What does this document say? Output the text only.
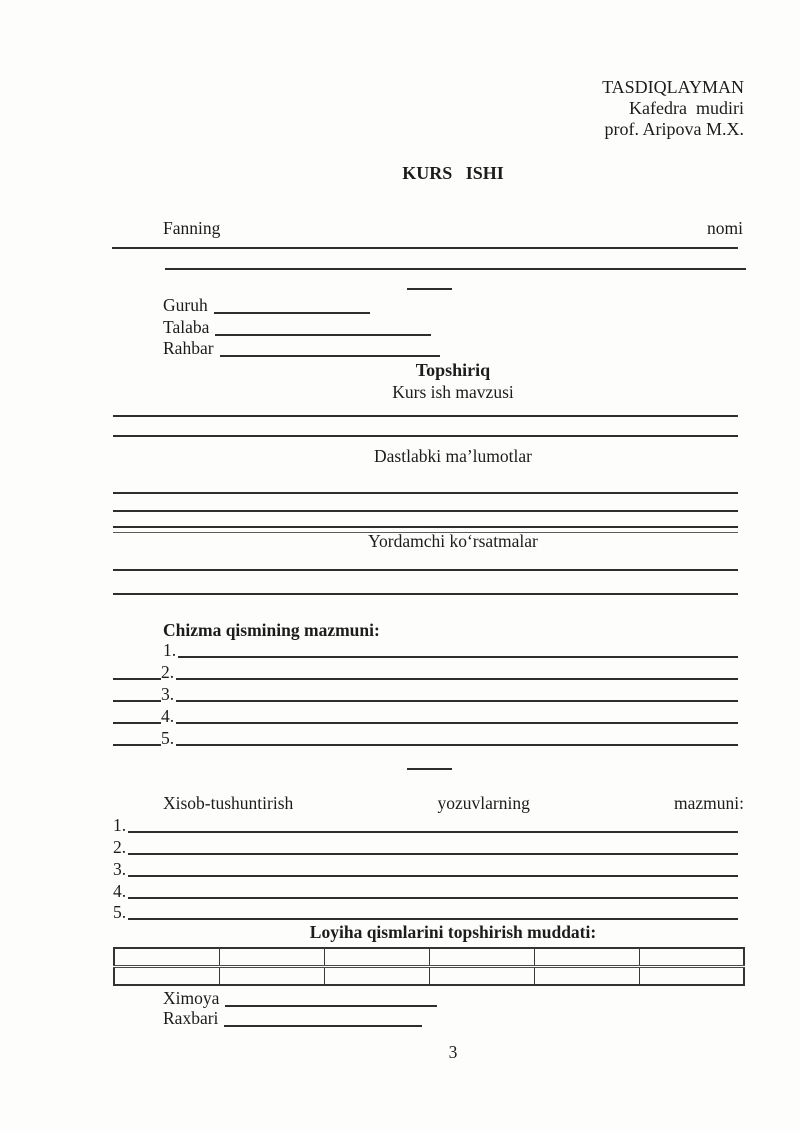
TASDIQLAYMAN
Kafedra  mudiri
prof. Aripova M.X.
KURS   ISHI
Fanning	nomi
Guruh
Talaba
Rahbar
Topshiriq
Kurs ish mavzusi
Dastlabki ma’lumotlar
Yordamchi ko‘rsatmalar
Chizma qismining mazmuni:
1.
2.
3.
4.
5.
Xisob-tushuntirish	yozuvlarning	mazmuni:
1.
2.
3.
4.
5.
Loyiha qismlarini topshirish muddati:

Ximoya
Raxbari
3
